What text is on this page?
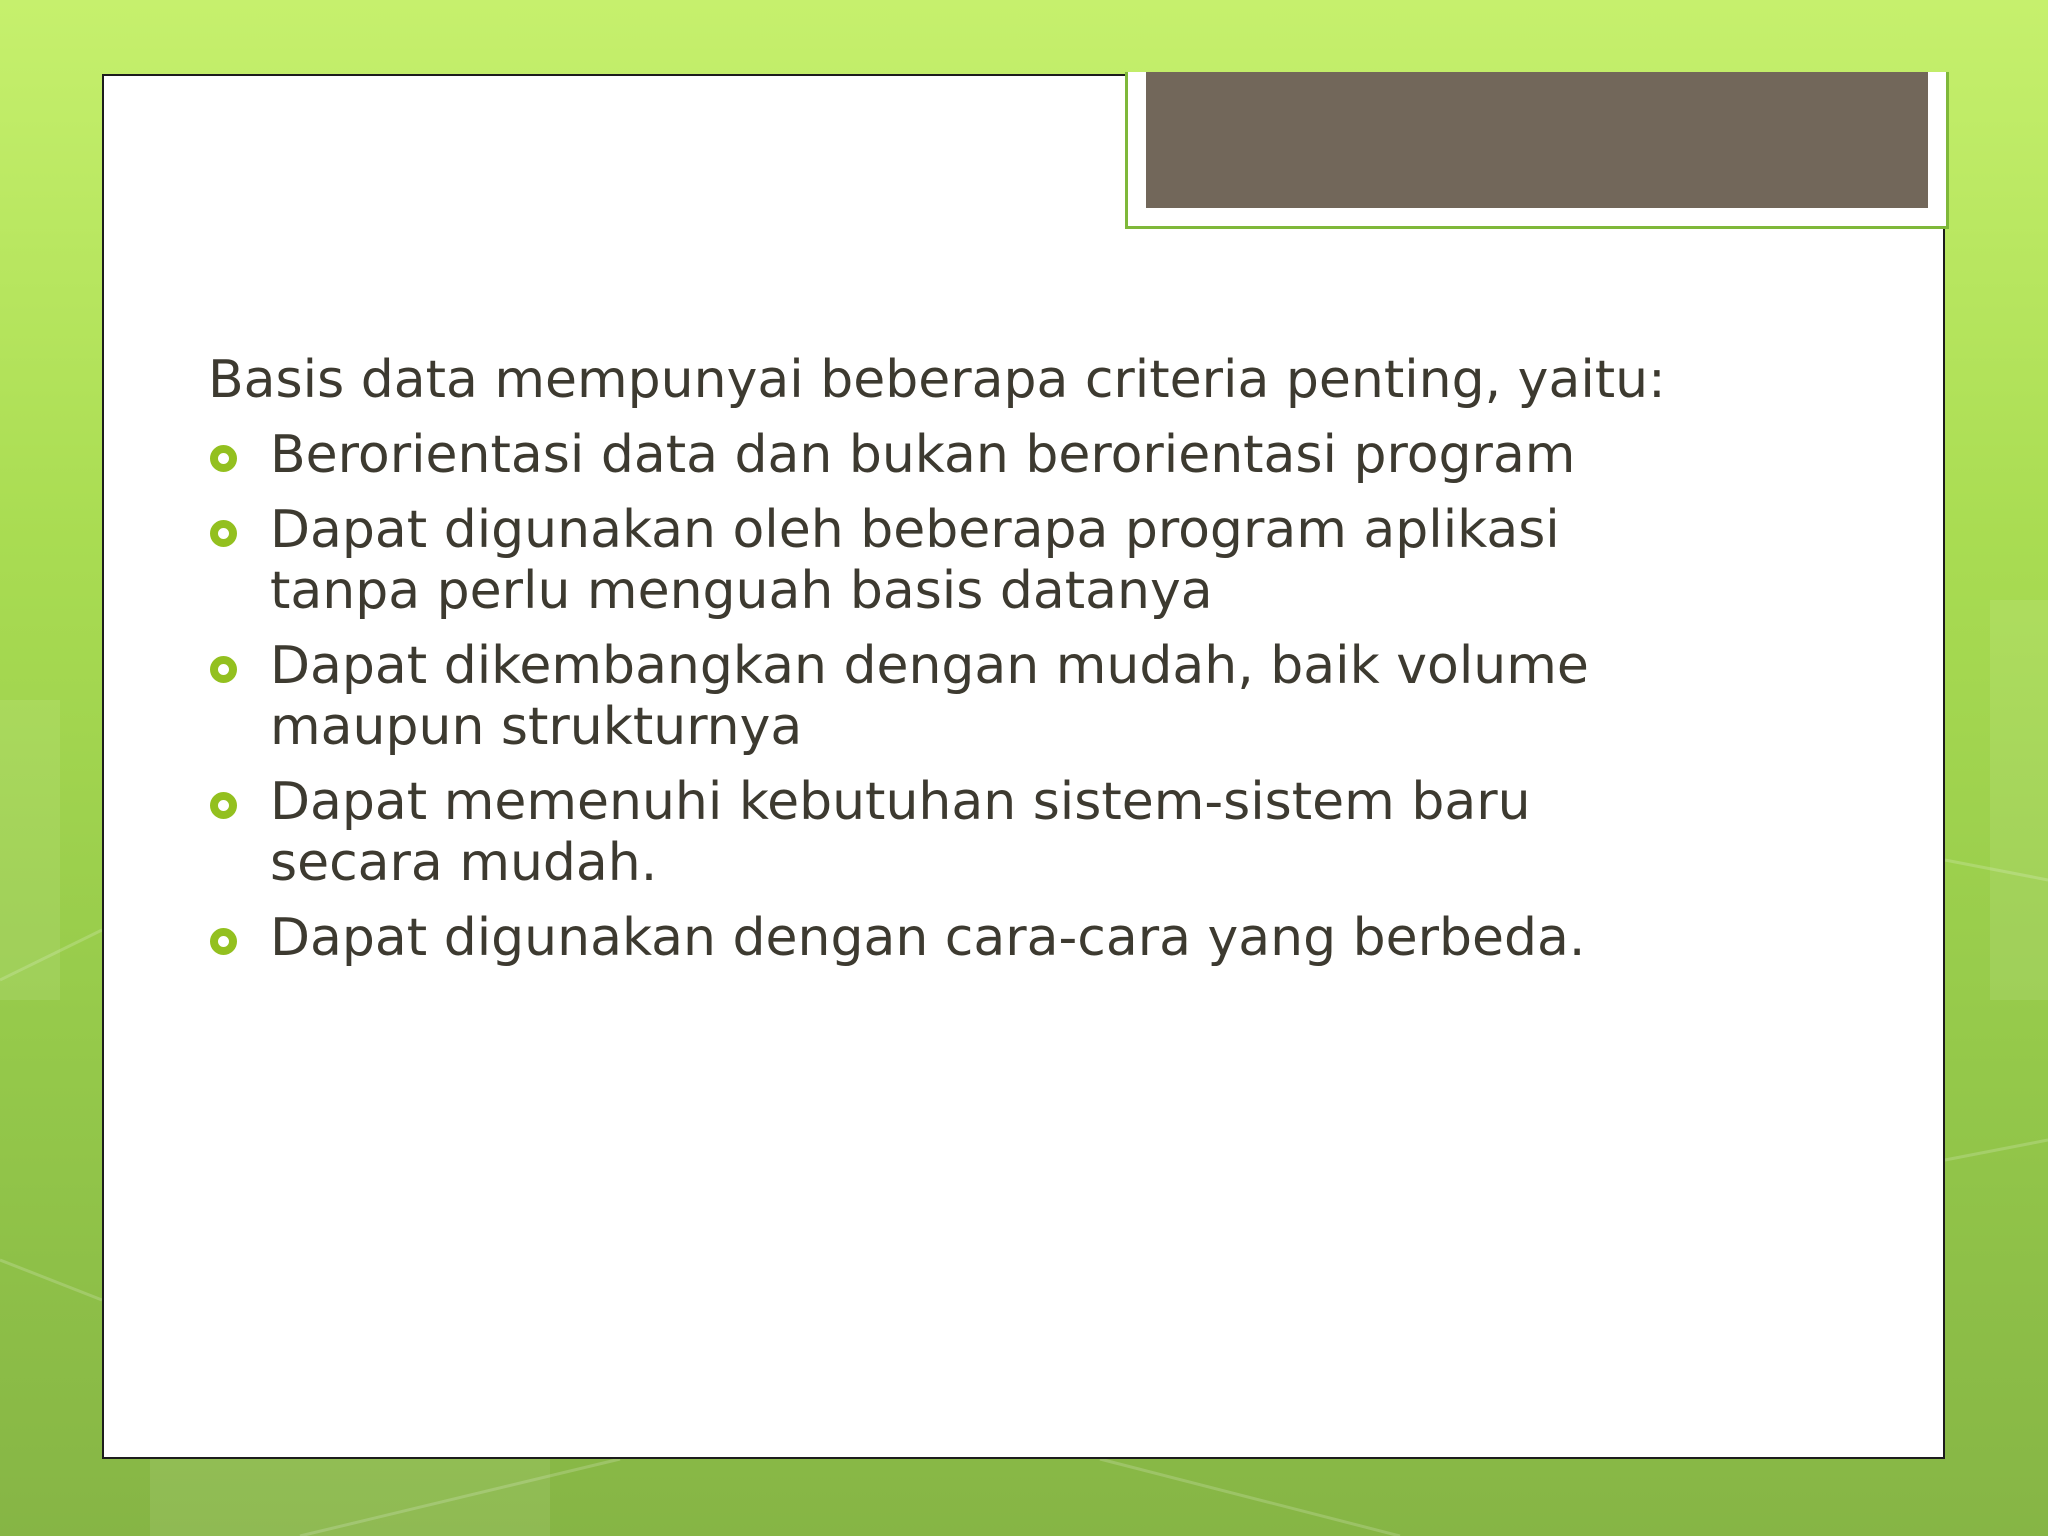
Basis data mempunyai beberapa criteria penting, yaitu:
Berorientasi data dan bukan berorientasi program
Dapat digunakan oleh beberapa program aplikasi tanpa perlu menguah basis datanya
Dapat dikembangkan dengan mudah, baik volume maupun strukturnya
Dapat memenuhi kebutuhan sistem-sistem baru secara mudah.
Dapat digunakan dengan cara-cara yang berbeda.
